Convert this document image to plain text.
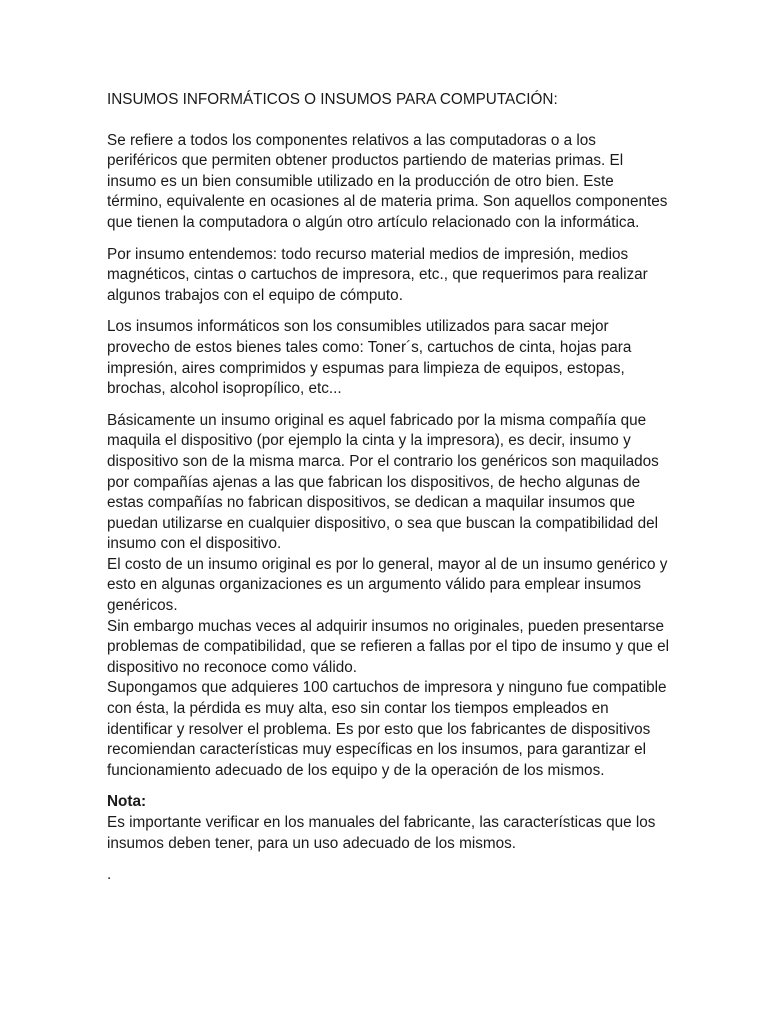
INSUMOS INFORMÁTICOS O INSUMOS PARA COMPUTACIÓN:
Se refiere a todos los componentes relativos a las computadoras o a los
periféricos que permiten obtener productos partiendo de materias primas. El
insumo es un bien consumible utilizado en la producción de otro bien. Este
término, equivalente en ocasiones al de materia prima. Son aquellos componentes
que tienen la computadora o algún otro artículo relacionado con la informática.
Por insumo entendemos: todo recurso material medios de impresión, medios
magnéticos, cintas o cartuchos de impresora, etc., que requerimos para realizar
algunos trabajos con el equipo de cómputo.
Los insumos informáticos son los consumibles utilizados para sacar mejor
provecho de estos bienes tales como: Toner´s, cartuchos de cinta, hojas para
impresión, aires comprimidos y espumas para limpieza de equipos, estopas,
brochas, alcohol isopropílico, etc...
Básicamente un insumo original es aquel fabricado por la misma compañía que
maquila el dispositivo (por ejemplo la cinta y la impresora), es decir, insumo y
dispositivo son de la misma marca. Por el contrario los genéricos son maquilados
por compañías ajenas a las que fabrican los dispositivos, de hecho algunas de
estas compañías no fabrican dispositivos, se dedican a maquilar insumos que
puedan utilizarse en cualquier dispositivo, o sea que buscan la compatibilidad del
insumo con el dispositivo.
El costo de un insumo original es por lo general, mayor al de un insumo genérico y
esto en algunas organizaciones es un argumento válido para emplear insumos
genéricos.
Sin embargo muchas veces al adquirir insumos no originales, pueden presentarse
problemas de compatibilidad, que se refieren a fallas por el tipo de insumo y que el
dispositivo no reconoce como válido.
Supongamos que adquieres 100 cartuchos de impresora y ninguno fue compatible
con ésta, la pérdida es muy alta, eso sin contar los tiempos empleados en
identificar y resolver el problema. Es por esto que los fabricantes de dispositivos
recomiendan características muy específicas en los insumos, para garantizar el
funcionamiento adecuado de los equipo y de la operación de los mismos.
Nota:
Es importante verificar en los manuales del fabricante, las características que los
insumos deben tener, para un uso adecuado de los mismos.
.
